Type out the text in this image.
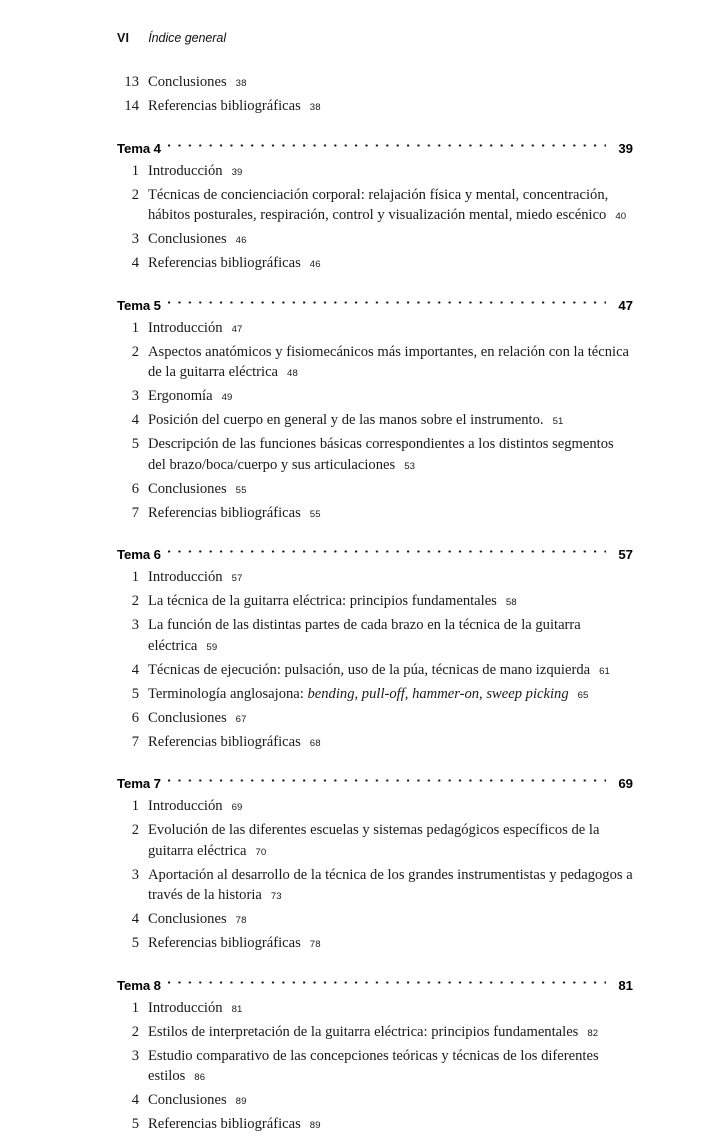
VI Índice general
13 Conclusiones 38
14 Referencias bibliográficas 38
Tema 4	39
1 Introducción 39
2 Técnicas de concienciación corporal: relajación física y mental, concentración, hábitos posturales, respiración, control y visualización mental, miedo escénico 40
3 Conclusiones 46
4 Referencias bibliográficas 46
Tema 5	47
1 Introducción 47
2 Aspectos anatómicos y fisiomecánicos más importantes, en relación con la técnica de la guitarra eléctrica 48
3 Ergonomía 49
4 Posición del cuerpo en general y de las manos sobre el instrumento. 51
5 Descripción de las funciones básicas correspondientes a los distintos segmentos del brazo/boca/cuerpo y sus articulaciones 53
6 Conclusiones 55
7 Referencias bibliográficas 55
Tema 6	57
1 Introducción 57
2 La técnica de la guitarra eléctrica: principios fundamentales 58
3 La función de las distintas partes de cada brazo en la técnica de la guitarra eléctrica 59
4 Técnicas de ejecución: pulsación, uso de la púa, técnicas de mano izquierda 61
5 Terminología anglosajona: bending, pull-off, hammer-on, sweep picking 65
6 Conclusiones 67
7 Referencias bibliográficas 68
Tema 7	69
1 Introducción 69
2 Evolución de las diferentes escuelas y sistemas pedagógicos específicos de la guitarra eléctrica 70
3 Aportación al desarrollo de la técnica de los grandes instrumentistas y pedagogos a través de la historia 73
4 Conclusiones 78
5 Referencias bibliográficas 78
Tema 8	81
1 Introducción 81
2 Estilos de interpretación de la guitarra eléctrica: principios fundamentales 82
3 Estudio comparativo de las concepciones teóricas y técnicas de los diferentes estilos 86
4 Conclusiones 89
5 Referencias bibliográficas 89
